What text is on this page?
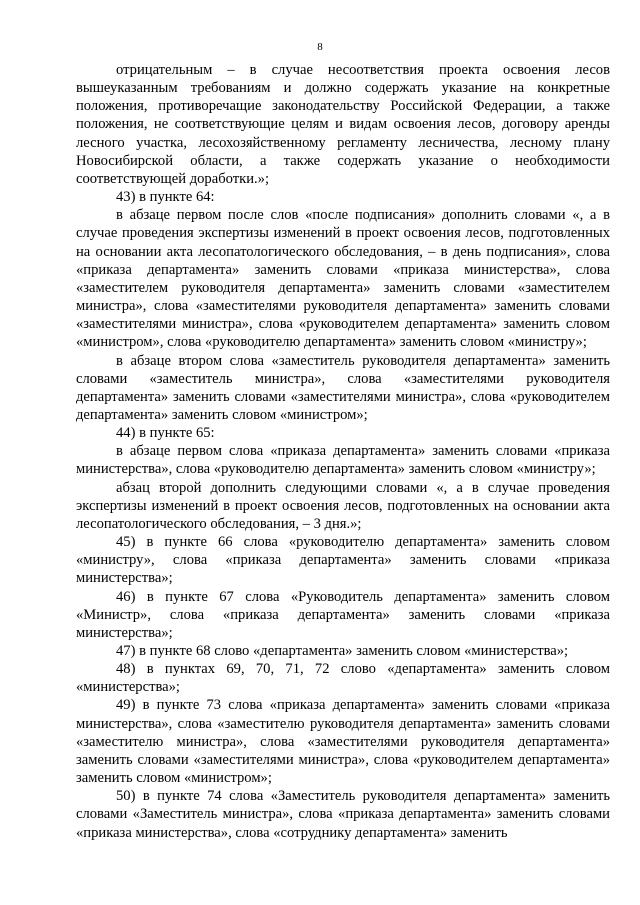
8

отрицательным – в случае несоответствия проекта освоения лесов вышеуказанным требованиям и должно содержать указание на конкретные положения, противоречащие законодательству Российской Федерации, а также положения, не соответствующие целям и видам освоения лесов, договору аренды лесного участка, лесохозяйственному регламенту лесничества, лесному плану Новосибирской области, а также содержать указание о необходимости соответствующей доработки.»;

43) в пункте 64:

в абзаце первом после слов «после подписания» дополнить словами «, а в случае проведения экспертизы изменений в проект освоения лесов, подготовленных на основании акта лесопатологического обследования, – в день подписания», слова «приказа департамента» заменить словами «приказа министерства», слова «заместителем руководителя департамента» заменить словами «заместителем министра», слова «заместителями руководителя департамента» заменить словами «заместителями министра», слова «руководителем департамента» заменить словом «министром», слова «руководителю департамента» заменить словом «министру»;

в абзаце втором слова «заместитель руководителя департамента» заменить словами «заместитель министра», слова «заместителями руководителя департамента» заменить словами «заместителями министра», слова «руководителем департамента» заменить словом «министром»;

44) в пункте 65:

в абзаце первом слова «приказа департамента» заменить словами «приказа министерства», слова «руководителю департамента» заменить словом «министру»;

абзац второй дополнить следующими словами «, а в случае проведения экспертизы изменений в проект освоения лесов, подготовленных на основании акта лесопатологического обследования, – 3 дня.»;

45) в пункте 66 слова «руководителю департамента» заменить словом «министру», слова «приказа департамента» заменить словами «приказа министерства»;

46) в пункте 67 слова «Руководитель департамента» заменить словом «Министр», слова «приказа департамента» заменить словами «приказа министерства»;

47) в пункте 68 слово «департамента» заменить словом «министерства»;

48) в пунктах 69, 70, 71, 72 слово «департамента» заменить словом «министерства»;

49) в пункте 73 слова «приказа департамента» заменить словами «приказа министерства», слова «заместителю руководителя департамента» заменить словами «заместителю министра», слова «заместителями руководителя департамента» заменить словами «заместителями министра», слова «руководителем департамента» заменить словом «министром»;

50) в пункте 74 слова «Заместитель руководителя департамента» заменить словами «Заместитель министра», слова «приказа департамента» заменить словами «приказа министерства», слова «сотруднику департамента» заменить
